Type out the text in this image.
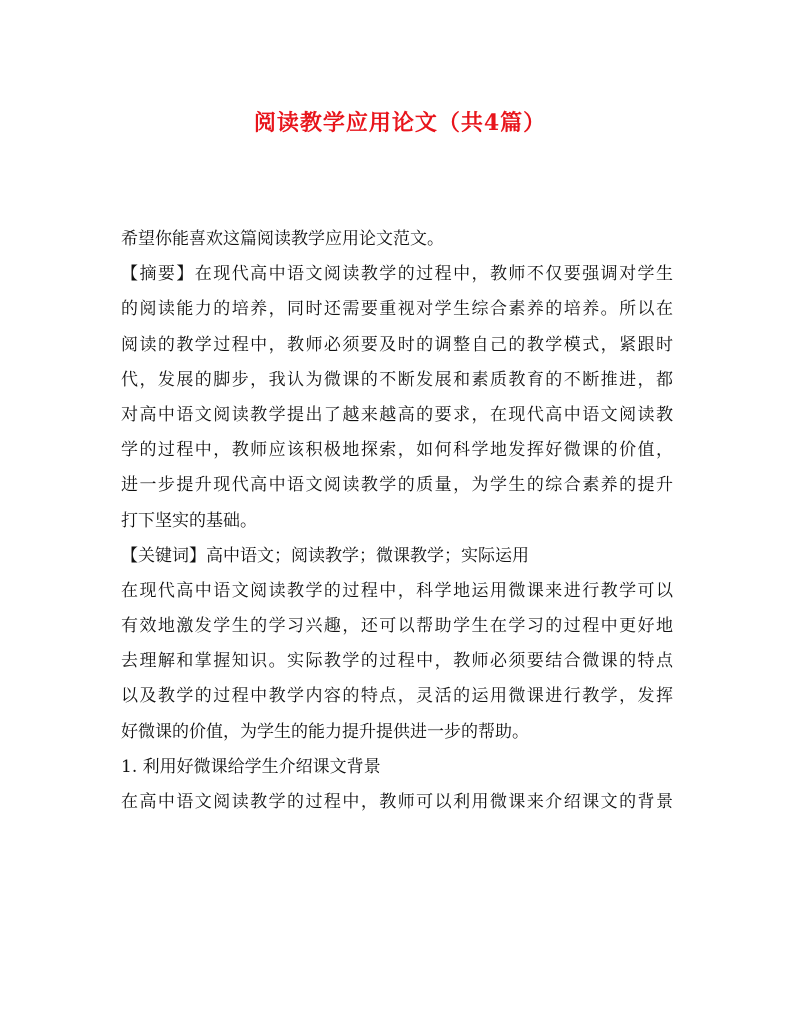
阅读教学应用论文（共4篇）
希望你能喜欢这篇阅读教学应用论文范文。
【摘要】在现代高中语文阅读教学的过程中，教师不仅要强调对学生
的阅读能力的培养，同时还需要重视对学生综合素养的培养。所以在
阅读的教学过程中，教师必须要及时的调整自己的教学模式，紧跟时
代，发展的脚步，我认为微课的不断发展和素质教育的不断推进，都
对高中语文阅读教学提出了越来越高的要求，在现代高中语文阅读教
学的过程中，教师应该积极地探索，如何科学地发挥好微课的价值，
进一步提升现代高中语文阅读教学的质量，为学生的综合素养的提升
打下坚实的基础。
【关键词】高中语文；阅读教学；微课教学；实际运用
在现代高中语文阅读教学的过程中，科学地运用微课来进行教学可以
有效地激发学生的学习兴趣，还可以帮助学生在学习的过程中更好地
去理解和掌握知识。实际教学的过程中，教师必须要结合微课的特点
以及教学的过程中教学内容的特点，灵活的运用微课进行教学，发挥
好微课的价值，为学生的能力提升提供进一步的帮助。
1. 利用好微课给学生介绍课文背景
在高中语文阅读教学的过程中，教师可以利用微课来介绍课文的背景
